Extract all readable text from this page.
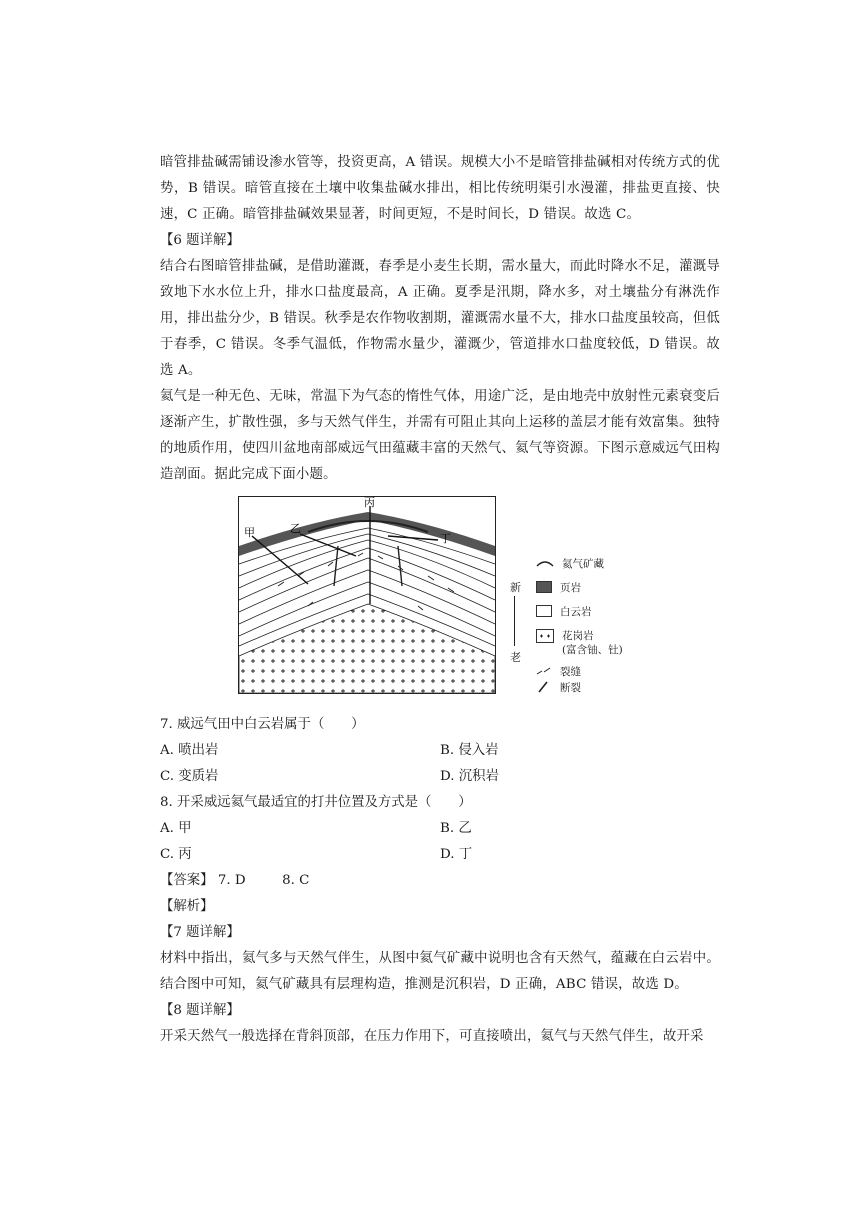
暗管排盐碱需铺设渗水管等，投资更高，A 错误。规模大小不是暗管排盐碱相对传统方式的优势，B 错误。暗管直接在土壤中收集盐碱水排出，相比传统明渠引水漫灌，排盐更直接、快速，C 正确。暗管排盐碱效果显著，时间更短，不是时间长，D 错误。故选 C。

【6 题详解】

结合右图暗管排盐碱，是借助灌溉，春季是小麦生长期，需水量大，而此时降水不足，灌溉导致地下水水位上升，排水口盐度最高，A 正确。夏季是汛期，降水多，对土壤盐分有淋洗作用，排出盐分少，B 错误。秋季是农作物收割期，灌溉需水量不大，排水口盐度虽较高，但低于春季，C 错误。冬季气温低，作物需水量少，灌溉少，管道排水口盐度较低，D 错误。故选 A。

氦气是一种无色、无味，常温下为气态的惰性气体，用途广泛，是由地壳中放射性元素衰变后逐渐产生，扩散性强，多与天然气伴生，并需有可阻止其向上运移的盖层才能有效富集。独特的地质作用，使四川盆地南部威远气田蕴藏丰富的天然气、氦气等资源。下图示意威远气田构造剖面。据此完成下面小题。

甲	乙
丙
丁
新
老
氦气矿藏
页岩
白云岩
花岗岩
(富含铀、钍)
裂缝
断裂

7. 威远气田中白云岩属于（　　）

A. 喷出岩	B. 侵入岩
C. 变质岩	D. 沉积岩

8. 开采威远氦气最适宜的打井位置及方式是（　　）

A. 甲	B. 乙
C. 丙	D. 丁
【答案】 7. D	8. C

【解析】

【7 题详解】

材料中指出，氦气多与天然气伴生，从图中氦气矿藏中说明也含有天然气，蕴藏在白云岩中。结合图中可知，氦气矿藏具有层理构造，推测是沉积岩，D 正确，ABC 错误，故选 D。

【8 题详解】

开采天然气一般选择在背斜顶部，在压力作用下，可直接喷出，氦气与天然气伴生，故开采
